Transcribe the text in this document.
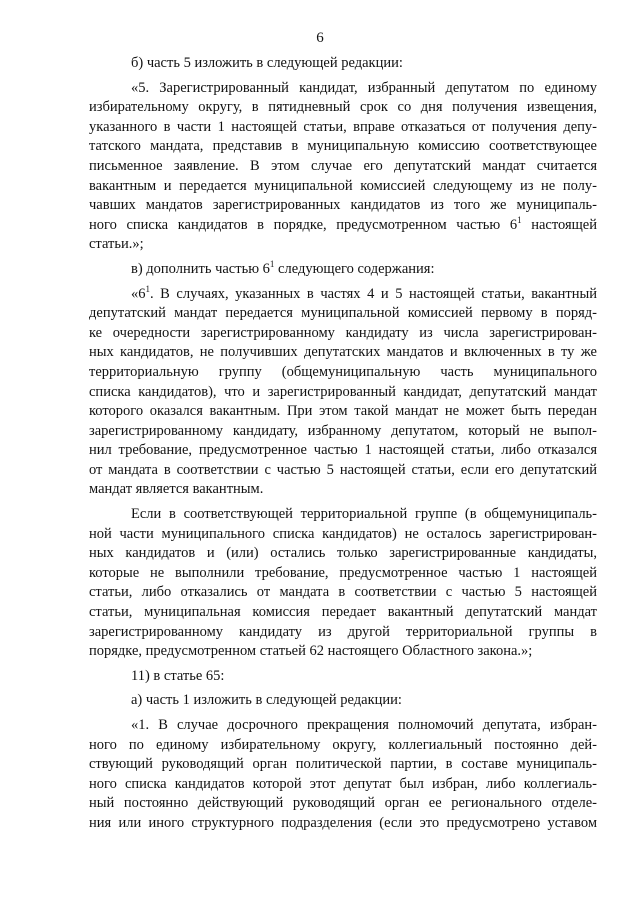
6
б) часть 5 изложить в следующей редакции:
«5. Зарегистрированный кандидат, избранный депутатом по единому
избирательному округу, в пятидневный срок со дня получения извещения,
указанного в части 1 настоящей статьи, вправе отказаться от получения депу-
татского мандата, представив в муниципальную комиссию соответствующее
письменное заявление. В этом случае его депутатский мандат считается
вакантным и передается муниципальной комиссией следующему из не полу-
чавших мандатов зарегистрированных кандидатов из того же муниципаль-
ного списка кандидатов в порядке, предусмотренном частью $6^1$ настоящей
статьи.»;
в) дополнить частью $6^1$ следующего содержания:
«$6^1$. В случаях, указанных в частях 4 и 5 настоящей статьи, вакантный
депутатский мандат передается муниципальной комиссией первому в поряд-
ке очередности зарегистрированному кандидату из числа зарегистрирован-
ных кандидатов, не получивших депутатских мандатов и включенных в ту же
территориальную группу (общемуниципальную часть муниципального
списка кандидатов), что и зарегистрированный кандидат, депутатский мандат
которого оказался вакантным. При этом такой мандат не может быть передан
зарегистрированному кандидату, избранному депутатом, который не выпол-
нил требование, предусмотренное частью 1 настоящей статьи, либо отказался
от мандата в соответствии с частью 5 настоящей статьи, если его депутатский
мандат является вакантным.
Если в соответствующей территориальной группе (в общемуниципаль-
ной части муниципального списка кандидатов) не осталось зарегистрирован-
ных кандидатов и (или) остались только зарегистрированные кандидаты,
которые не выполнили требование, предусмотренное частью 1 настоящей
статьи, либо отказались от мандата в соответствии с частью 5 настоящей
статьи, муниципальная комиссия передает вакантный депутатский мандат
зарегистрированному кандидату из другой территориальной группы в
порядке, предусмотренном статьей 62 настоящего Областного закона.»;
11) в статье 65:
а) часть 1 изложить в следующей редакции:
«1. В случае досрочного прекращения полномочий депутата, избран-
ного по единому избирательному округу, коллегиальный постоянно дей-
ствующий руководящий орган политической партии, в составе муниципаль-
ного списка кандидатов которой этот депутат был избран, либо коллегиаль-
ный постоянно действующий руководящий орган ее регионального отделе-
ния или иного структурного подразделения (если это предусмотрено уставом
